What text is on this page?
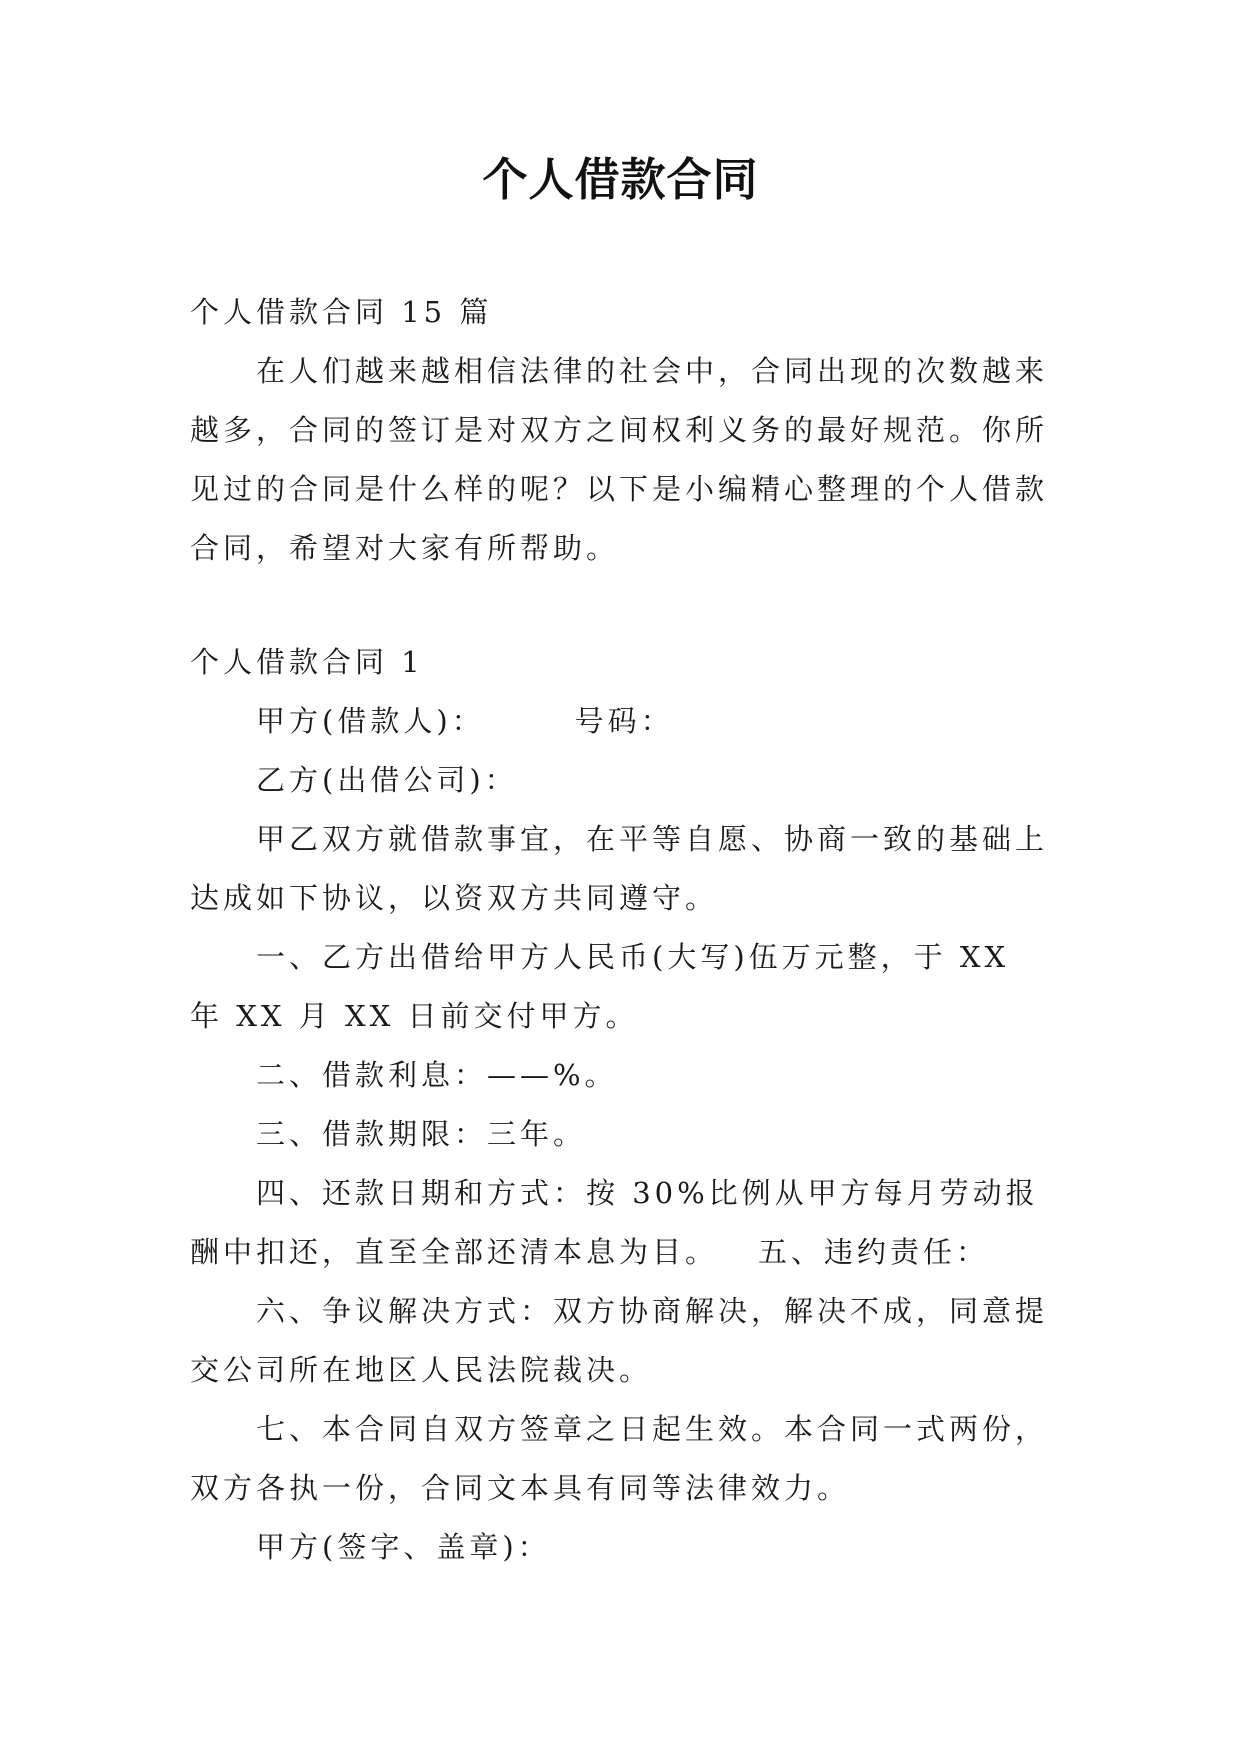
个人借款合同

个人借款合同 15 篇

在人们越来越相信法律的社会中，合同出现的次数越来越多，合同的签订是对双方之间权利义务的最好规范。你所见过的合同是什么样的呢？以下是小编精心整理的个人借款合同，希望对大家有所帮助。

个人借款合同 1

甲方(借款人)：	号码：

乙方(出借公司)：

甲乙双方就借款事宜，在平等自愿、协商一致的基础上达成如下协议，以资双方共同遵守。

一、乙方出借给甲方人民币(大写)伍万元整，于 XX 年 XX 月 XX 日前交付甲方。

二、借款利息：——%。

三、借款期限：三年。

四、还款日期和方式：按 30%比例从甲方每月劳动报酬中扣还，直至全部还清本息为目。 五、违约责任：

六、争议解决方式：双方协商解决，解决不成，同意提交公司所在地区人民法院裁决。

七、本合同自双方签章之日起生效。本合同一式两份，双方各执一份，合同文本具有同等法律效力。

甲方(签字、盖章)：
